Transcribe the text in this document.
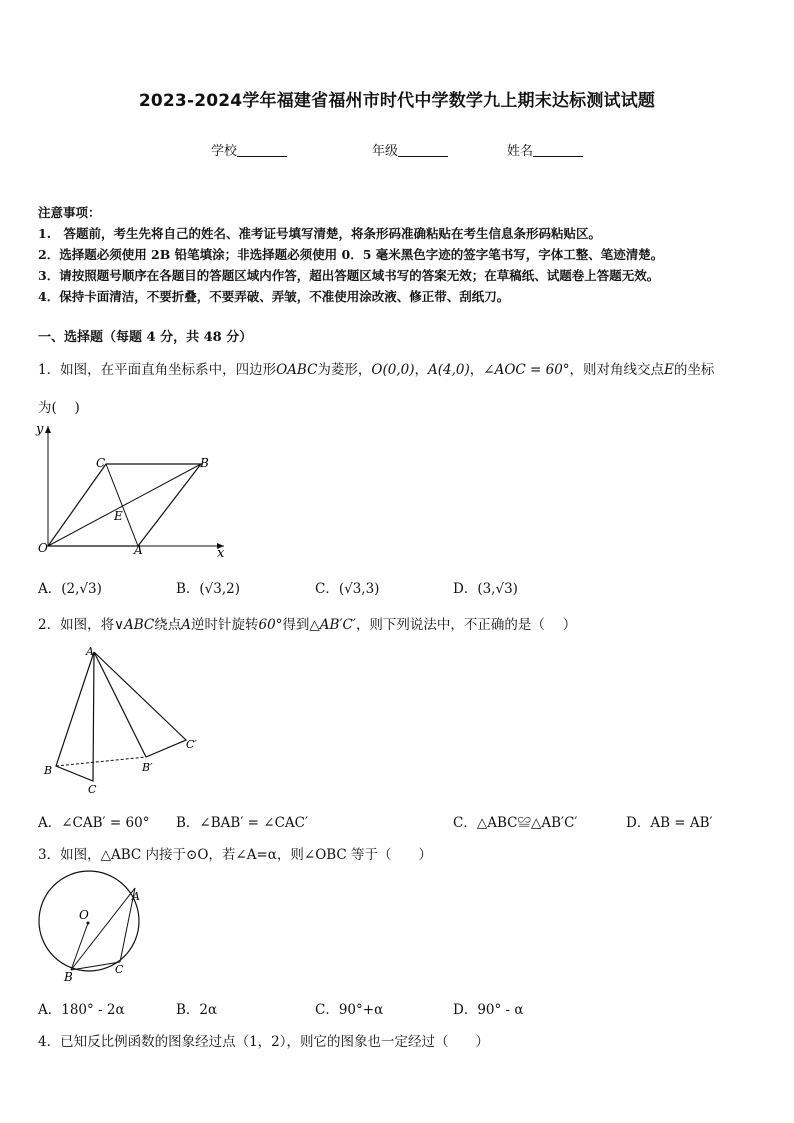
2023-2024学年福建省福州市时代中学数学九上期末达标测试试题
学校	年级	姓名
注意事项：
1.　答题前，考生先将自己的姓名、准考证号填写清楚，将条形码准确粘贴在考生信息条形码粘贴区。
2．选择题必须使用 2B 铅笔填涂；非选择题必须使用 0．5 毫米黑色字迹的签字笔书写，字体工整、笔迹清楚。
3．请按照题号顺序在各题目的答题区域内作答，超出答题区域书写的答案无效；在草稿纸、试题卷上答题无效。
4．保持卡面清洁，不要折叠，不要弄破、弄皱，不准使用涂改液、修正带、刮纸刀。
一、选择题（每题 4 分，共 48 分）
1．如图，在平面直角坐标系中，四边形OABC为菱形，O(0,0)，A(4,0)，∠AOC = 60°，则对角线交点E的坐标
为(　 )
y
x
O	A
B
C
E
A．(2,√3)	B．(√3,2)	C．(√3,3)	D．(3,√3)
2．如图，将∨ABC绕点A逆时针旋转60°得到△AB′C′，则下列说法中，不正确的是（　 ）
A
B
C
B′
C′
A．∠CAB′ = 60° B．∠BAB′ = ∠CAC′	C．△ABC≌△AB′C′	D．AB = AB′
3．如图，△ABC 内接于⊙O，若∠A=α，则∠OBC 等于（　　）
O
A
B
C
A．180° - 2α	B．2α	C．90°+α	D．90° - α
4．已知反比例函数的图象经过点（1，2），则它的图象也一定经过（　　）
